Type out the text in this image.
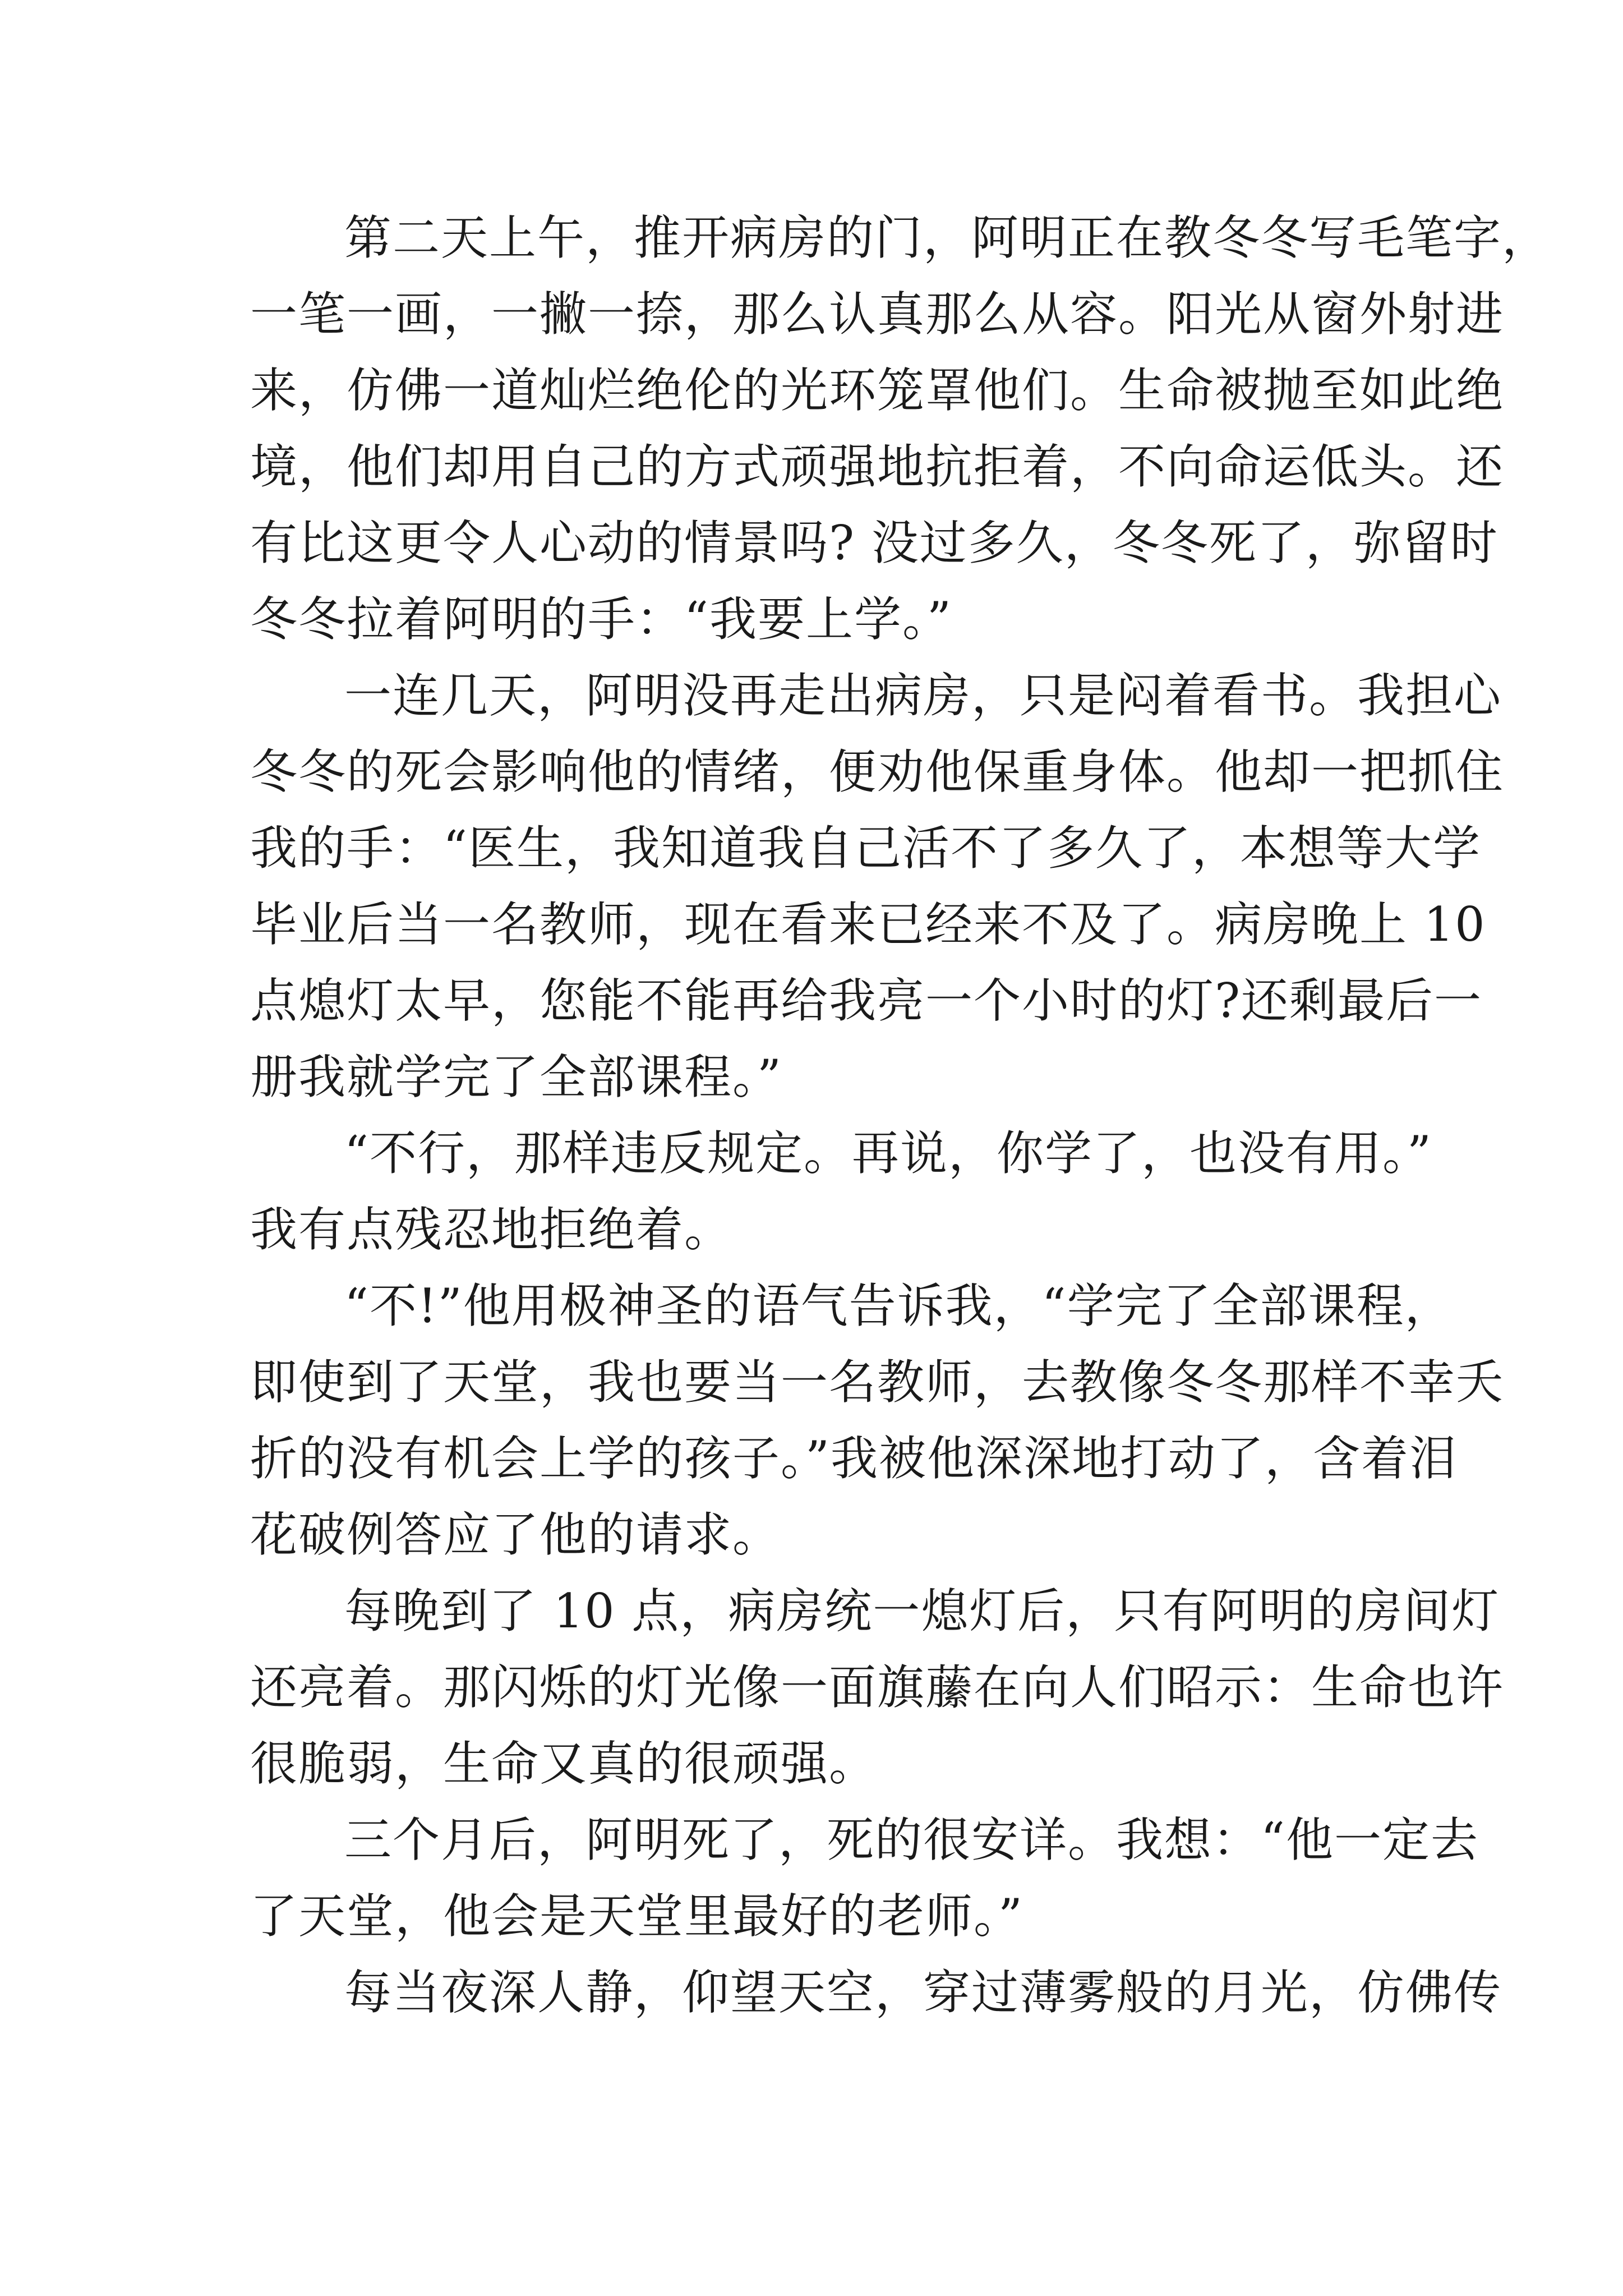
第二天上午，推开病房的门，阿明正在教冬冬写毛笔字，
一笔一画，一撇一捺，那么认真那么从容。阳光从窗外射进
来，仿佛一道灿烂绝伦的光环笼罩他们。生命被抛至如此绝
境，他们却用自己的方式顽强地抗拒着，不向命运低头。还
有比这更令人心动的情景吗? 没过多久，冬冬死了，弥留时
冬冬拉着阿明的手：“我要上学。”

一连几天，阿明没再走出病房，只是闷着看书。我担心
冬冬的死会影响他的情绪，便劝他保重身体。他却一把抓住
我的手：“医生，我知道我自己活不了多久了，本想等大学
毕业后当一名教师，现在看来已经来不及了。病房晚上 10
点熄灯太早，您能不能再给我亮一个小时的灯?还剩最后一
册我就学完了全部课程。”

“不行，那样违反规定。再说，你学了，也没有用。”
我有点残忍地拒绝着。

“不!”他用极神圣的语气告诉我，“学完了全部课程，
即使到了天堂，我也要当一名教师，去教像冬冬那样不幸夭
折的没有机会上学的孩子。”我被他深深地打动了，含着泪
花破例答应了他的请求。

每晚到了 10 点，病房统一熄灯后，只有阿明的房间灯
还亮着。那闪烁的灯光像一面旗䕨在向人们昭示：生命也许
很脆弱，生命又真的很顽强。

三个月后，阿明死了，死的很安详。我想：“他一定去
了天堂，他会是天堂里最好的老师。”

每当夜深人静，仰望天空，穿过薄雾般的月光，仿佛传
